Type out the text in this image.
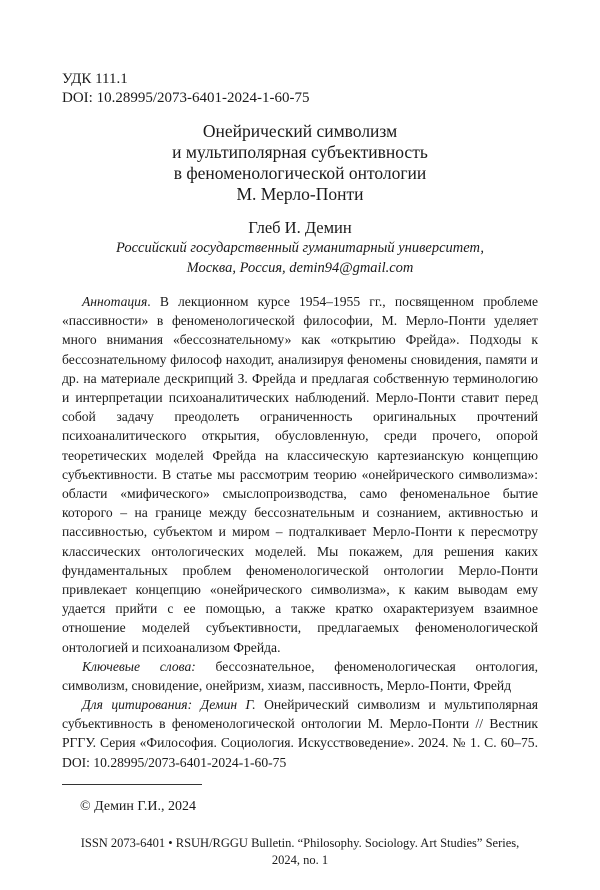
УДК 111.1
DOI: 10.28995/2073-6401-2024-1-60-75
Онейрический символизм
и мультиполярная субъективность
в феноменологической онтологии
М. Мерло-Понти
Глеб И. Демин
Российский государственный гуманитарный университет,
Москва, Россия, demin94@gmail.com

Аннотация. В лекционном курсе 1954–1955 гг., посвященном проблеме «пассивности» в феноменологической философии, М. Мерло-Понти уделяет много внимания «бессознательному» как «открытию Фрейда». Подходы к бессознательному философ находит, анализируя феномены сновидения, памяти и др. на материале дескрипций З. Фрейда и предлагая собственную терминологию и интерпретации психоаналитических наблюдений. Мерло-Понти ставит перед собой задачу преодолеть ограниченность оригинальных прочтений психоаналитического открытия, обусловленную, среди прочего, опорой теоретических моделей Фрейда на классическую картезианскую концепцию субъективности. В статье мы рассмотрим теорию «онейрического символизма»: области «мифического» смыслопроизводства, само феноменальное бытие которого – на границе между бессознательным и сознанием, активностью и пассивностью, субъектом и миром – подталкивает Мерло-Понти к пересмотру классических онтологических моделей. Мы покажем, для решения каких фундаментальных проблем феноменологической онтологии Мерло-Понти привлекает концепцию «онейрического символизма», к каким выводам ему удается прийти с ее помощью, а также кратко охарактеризуем взаимное отношение моделей субъективности, предлагаемых феноменологической онтологией и психоанализом Фрейда.

Ключевые слова: бессознательное, феноменологическая онтология, символизм, сновидение, онейризм, хиазм, пассивность, Мерло-Понти, Фрейд

Для цитирования: Демин Г. Онейрический символизм и мультиполярная субъективность в феноменологической онтологии М. Мерло-Понти // Вестник РГГУ. Серия «Философия. Социология. Искусствоведение». 2024. № 1. С. 60–75. DOI: 10.28995/2073-6401-2024-1-60-75
© Демин Г.И., 2024
ISSN 2073-6401 • RSUH/RGGU Bulletin. “Philosophy. Sociology. Art Studies” Series,
2024, no. 1
